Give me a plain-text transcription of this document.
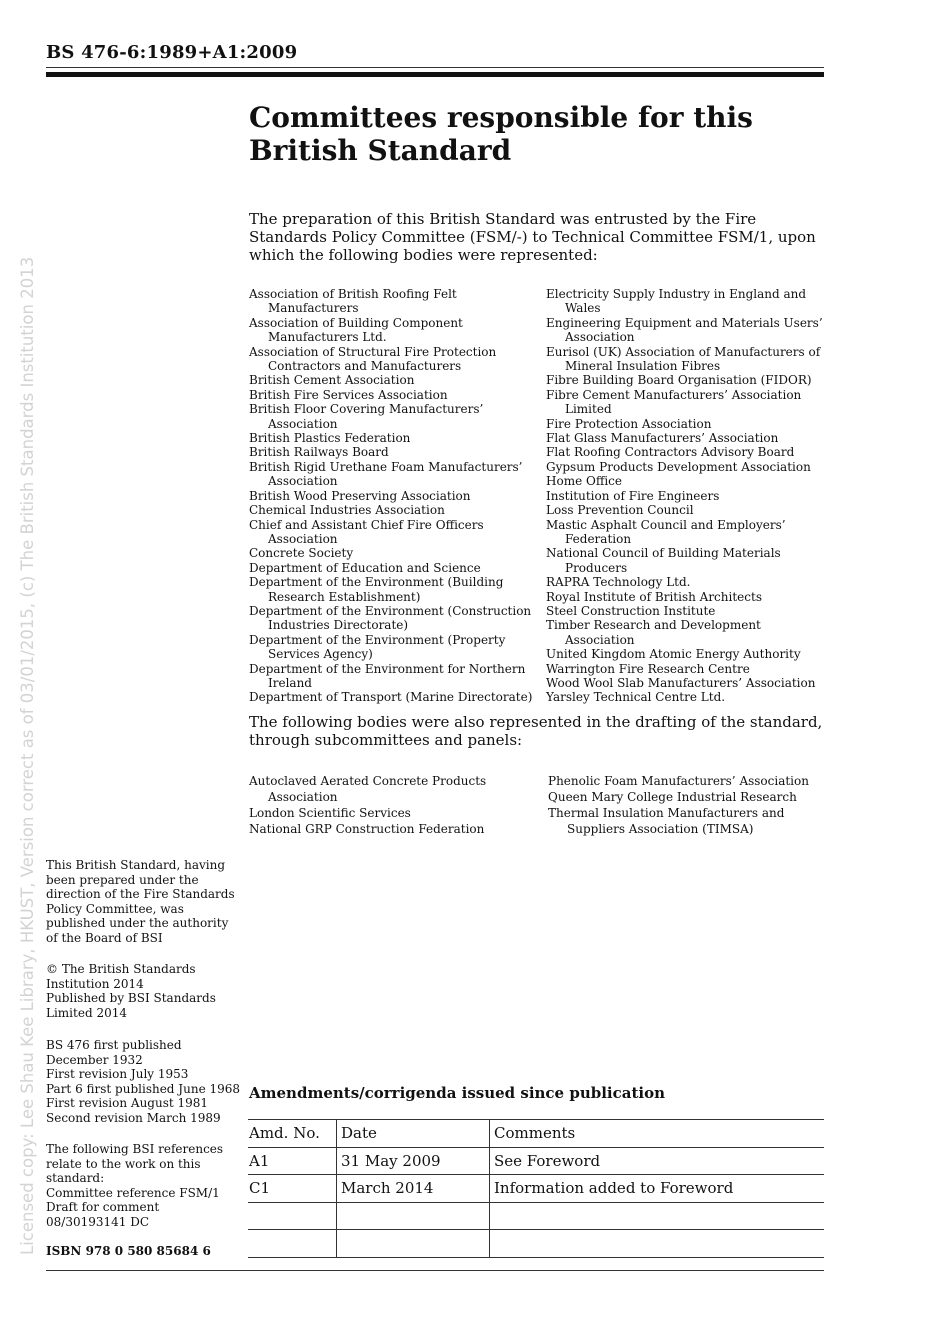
BS 476-6:1989+A1:2009
Licensed copy: Lee Shau Kee Library, HKUST, Version correct as of 03/01/2015, (c) The British Standards Institution 2013
Committees responsible for this
British Standard

The preparation of this British Standard was entrusted by the Fire Standards Policy Committee (FSM/-) to Technical Committee FSM/1, upon which the following bodies were represented:

Association of British Roofing Felt Manufacturers
Association of Building Component Manufacturers Ltd.
Association of Structural Fire Protection Contractors and Manufacturers
British Cement Association
British Fire Services Association
British Floor Covering Manufacturers’ Association
British Plastics Federation
British Railways Board
British Rigid Urethane Foam Manufacturers’ Association
British Wood Preserving Association
Chemical Industries Association
Chief and Assistant Chief Fire Officers Association
Concrete Society
Department of Education and Science
Department of the Environment (Building Research Establishment)
Department of the Environment (Construction Industries Directorate)
Department of the Environment (Property Services Agency)
Department of the Environment for Northern Ireland
Department of Transport (Marine Directorate)
Electricity Supply Industry in England and Wales
Engineering Equipment and Materials Users’ Association
Eurisol (UK) Association of Manufacturers of Mineral Insulation Fibres
Fibre Building Board Organisation (FIDOR)
Fibre Cement Manufacturers’ Association Limited
Fire Protection Association
Flat Glass Manufacturers’ Association
Flat Roofing Contractors Advisory Board
Gypsum Products Development Association
Home Office
Institution of Fire Engineers
Loss Prevention Council
Mastic Asphalt Council and Employers’ Federation
National Council of Building Materials Producers
RAPRA Technology Ltd.
Royal Institute of British Architects
Steel Construction Institute
Timber Research and Development Association
United Kingdom Atomic Energy Authority
Warrington Fire Research Centre
Wood Wool Slab Manufacturers’ Association
Yarsley Technical Centre Ltd.

The following bodies were also represented in the drafting of the standard, through subcommittees and panels:

Autoclaved Aerated Concrete Products Association
London Scientific Services
National GRP Construction Federation
Phenolic Foam Manufacturers’ Association
Queen Mary College Industrial Research
Thermal Insulation Manufacturers and Suppliers Association (TIMSA)

This British Standard, having been prepared under the direction of the Fire Standards Policy Committee, was published under the authority of the Board of BSI

© The British Standards Institution 2014

Published by BSI Standards Limited 2014

BS 476 first published December 1932

First revision July 1953

Part 6 first published June 1968

First revision August 1981

Second revision March 1989

The following BSI references relate to the work on this standard:

Committee reference FSM/1

Draft for comment 08/30193141 DC

ISBN 978 0 580 85684 6
Amendments/corrigenda issued since publication
Amd. No.	Date	Comments
A1	31 May 2009	See Foreword
C1	March 2014	Information added to Foreword
